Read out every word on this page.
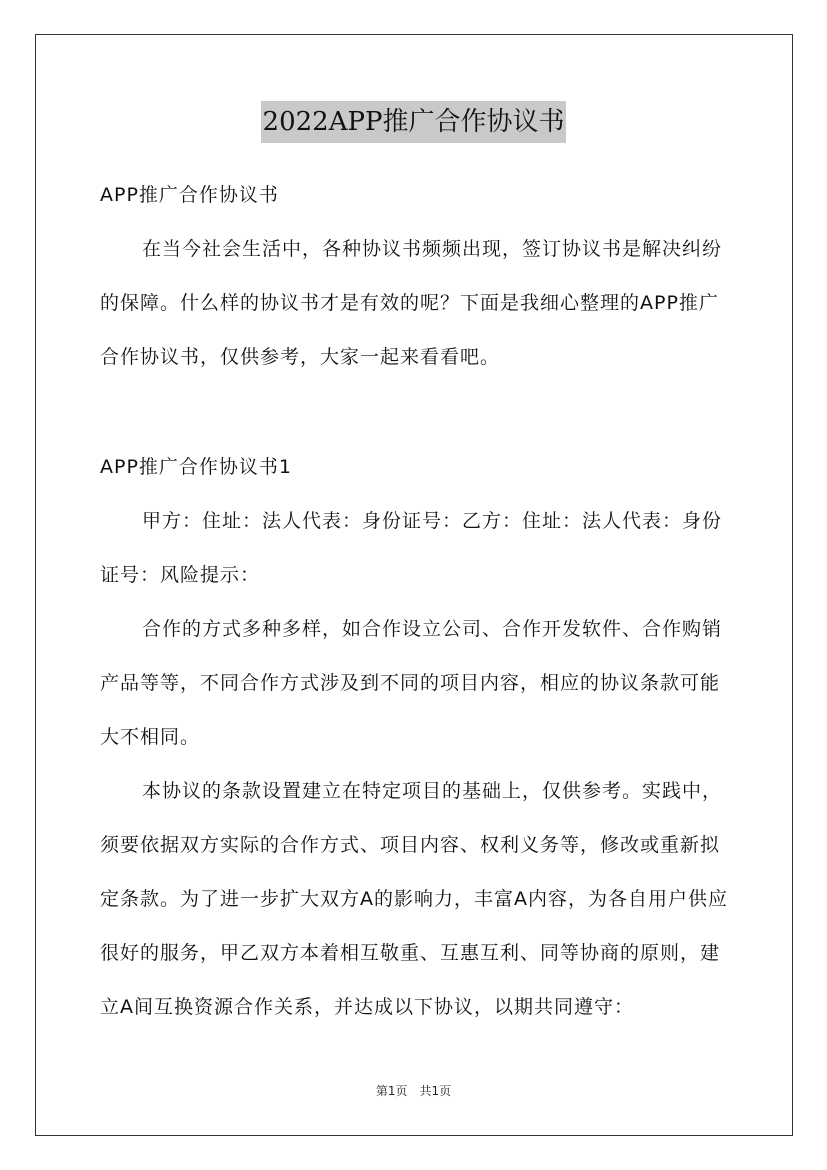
2022APP推广合作协议书

APP推广合作协议书

在当今社会生活中，各种协议书频频出现，签订协议书是解决纠纷的保障。什么样的协议书才是有效的呢？下面是我细心整理的APP推广合作协议书，仅供参考，大家一起来看看吧。

APP推广合作协议书1

甲方：住址：法人代表：身份证号：乙方：住址：法人代表：身份证号：风险提示：

合作的方式多种多样，如合作设立公司、合作开发软件、合作购销产品等等，不同合作方式涉及到不同的项目内容，相应的协议条款可能大不相同。

本协议的条款设置建立在特定项目的基础上，仅供参考。实践中，须要依据双方实际的合作方式、项目内容、权利义务等，修改或重新拟定条款。为了进一步扩大双方A的影响力，丰富A内容，为各自用户供应很好的服务，甲乙双方本着相互敬重、互惠互利、同等协商的原则，建立A间互换资源合作关系，并达成以下协议，以期共同遵守：

第1页　共1页
